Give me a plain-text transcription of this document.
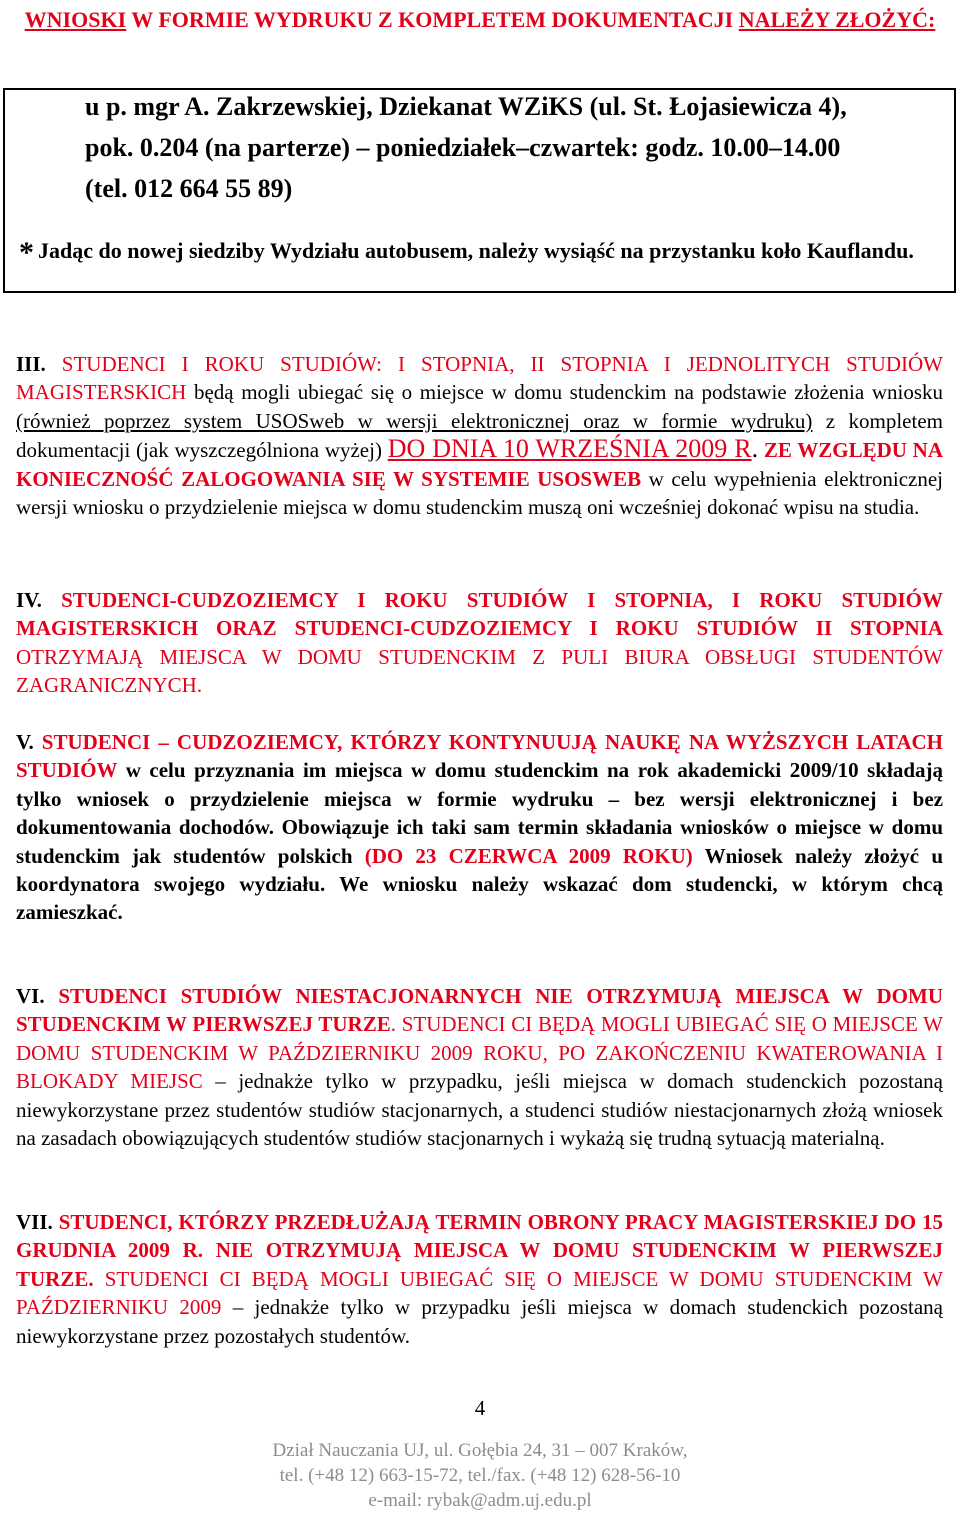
WNIOSKI W FORMIE WYDRUKU Z KOMPLETEM DOKUMENTACJI NALEŻY ZŁOŻYĆ:
u p. mgr A. Zakrzewskiej, Dziekanat WZiKS (ul. St. Łojasiewicza 4),
pok. 0.204 (na parterze) – poniedziałek–czwartek: godz. 10.00–14.00
(tel. 012 664 55 89)
* Jadąc do nowej siedziby Wydziału autobusem, należy wysiąść na przystanku koło Kauflandu.
III. STUDENCI I ROKU STUDIÓW: I STOPNIA, II STOPNIA I JEDNOLITYCH STUDIÓW MAGISTERSKICH będą mogli ubiegać się o miejsce w domu studenckim na podstawie złożenia wniosku (również poprzez system USOSweb w wersji elektronicznej oraz w formie wydruku) z kompletem dokumentacji (jak wyszczególniona wyżej) DO DNIA 10 WRZEŚNIA 2009 R. ZE WZGLĘDU NA KONIECZNOŚĆ ZALOGOWANIA SIĘ W SYSTEMIE USOSWEB w celu wypełnienia elektronicznej wersji wniosku o przydzielenie miejsca w domu studenckim muszą oni wcześniej dokonać wpisu na studia.
IV. STUDENCI-CUDZOZIEMCY I ROKU STUDIÓW I STOPNIA, I ROKU STUDIÓW MAGISTERSKICH ORAZ STUDENCI-CUDZOZIEMCY I ROKU STUDIÓW II STOPNIA OTRZYMAJĄ MIEJSCA W DOMU STUDENCKIM Z PULI BIURA OBSŁUGI STUDENTÓW ZAGRANICZNYCH.
V. STUDENCI – CUDZOZIEMCY, KTÓRZY KONTYNUUJĄ NAUKĘ NA WYŻSZYCH LATACH STUDIÓW w celu przyznania im miejsca w domu studenckim na rok akademicki 2009/10 składają tylko wniosek o przydzielenie miejsca w formie wydruku – bez wersji elektronicznej i bez dokumentowania dochodów. Obowiązuje ich taki sam termin składania wniosków o miejsce w domu studenckim jak studentów polskich (DO 23 CZERWCA 2009 ROKU) Wniosek należy złożyć u koordynatora swojego wydziału. We wniosku należy wskazać dom studencki, w którym chcą zamieszkać.
VI. STUDENCI STUDIÓW NIESTACJONARNYCH NIE OTRZYMUJĄ MIEJSCA W DOMU STUDENCKIM W PIERWSZEJ TURZE. STUDENCI CI BĘDĄ MOGLI UBIEGAĆ SIĘ O MIEJSCE W DOMU STUDENCKIM W PAŹDZIERNIKU 2009 ROKU, PO ZAKOŃCZENIU KWATEROWANIA I BLOKADY MIEJSC – jednakże tylko w przypadku, jeśli miejsca w domach studenckich pozostaną niewykorzystane przez studentów studiów stacjonarnych, a studenci studiów niestacjonarnych złożą wniosek na zasadach obowiązujących studentów studiów stacjonarnych i wykażą się trudną sytuacją materialną.
VII. STUDENCI, KTÓRZY PRZEDŁUŻAJĄ TERMIN OBRONY PRACY MAGISTERSKIEJ DO 15 GRUDNIA 2009 R. NIE OTRZYMUJĄ MIEJSCA W DOMU STUDENCKIM W PIERWSZEJ TURZE. STUDENCI CI BĘDĄ MOGLI UBIEGAĆ SIĘ O MIEJSCE W DOMU STUDENCKIM W PAŹDZIERNIKU 2009 – jednakże tylko w przypadku jeśli miejsca w domach studenckich pozostaną niewykorzystane przez pozostałych studentów.
4
Dział Nauczania UJ, ul. Gołębia 24, 31 – 007 Kraków,
tel. (+48 12) 663-15-72, tel./fax. (+48 12) 628-56-10
e-mail: rybak@adm.uj.edu.pl
